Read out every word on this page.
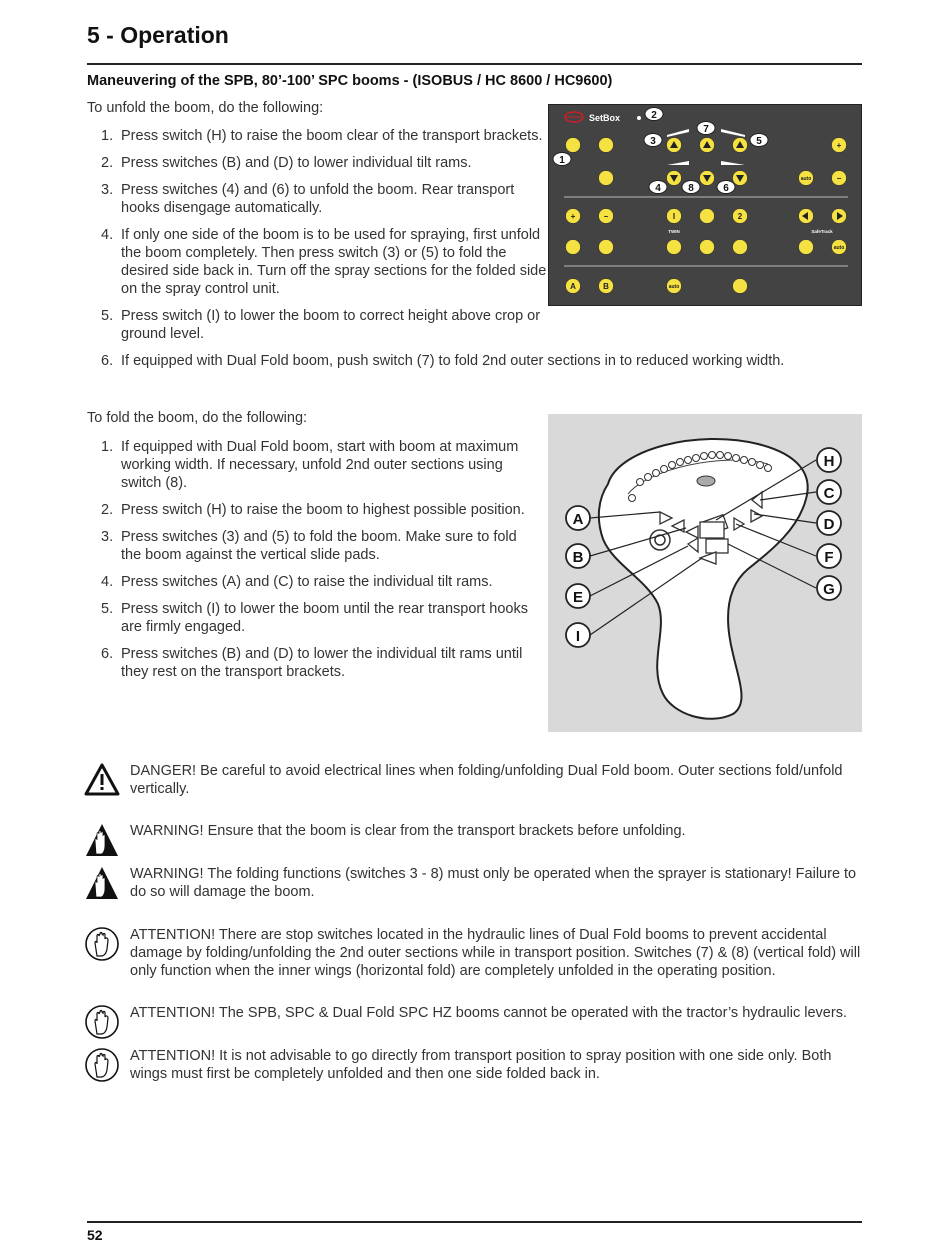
5 - Operation
Maneuvering of the SPB, 80’-100’ SPC booms - (ISOBUS / HC 8600 / HC9600)
To unfold the boom, do the following:
1. Press switch (H) to raise the boom clear of the transport brackets.
2. Press switches (B) and (D) to lower individual tilt rams.
3. Press switches (4) and (6) to unfold the boom. Rear transport hooks disengage automatically.
4. If only one side of the boom is to be used for spraying, first unfold the boom completely. Then press switch (3) or (5) to fold the desired side back in. Turn off the spray sections for the folded side on the spray control unit.
5. Press switch (I) to lower the boom to correct height above crop or ground level.
6. If equipped with Dual Fold boom, push switch (7) to fold 2nd outer sections in to reduced working width.
SetBox
+
−
+	−	I	2
A	B
auto
auto
auto
TWIN	SafeTrack
1
2
3
4
5
6
7
8
To fold the boom, do the following:
1. If equipped with Dual Fold boom, start with boom at maximum working width. If necessary, unfold 2nd outer sections using switch (8).
2. Press switch (H) to raise the boom to highest possible position.
3. Press switches (3) and (5) to fold the boom. Make sure to fold the boom against the vertical slide pads.
4. Press switches (A) and (C) to raise the individual tilt rams.
5. Press switch (I) to lower the boom until the rear transport hooks are firmly engaged.
6. Press switches (B) and (D) to lower the individual tilt rams until they rest on the transport brackets.
A
B
E
I
H
C
D
F
G
DANGER! Be careful to avoid electrical lines when folding/unfolding Dual Fold boom. Outer sections fold/unfold vertically.
WARNING! Ensure that the boom is clear from the transport brackets before unfolding.
WARNING! The folding functions (switches 3 - 8) must only be operated when the sprayer is stationary! Failure to do so will damage the boom.
ATTENTION! There are stop switches located in the hydraulic lines of Dual Fold booms to prevent accidental damage by folding/unfolding the 2nd outer sections while in transport position. Switches (7) & (8) (vertical fold) will only function when the inner wings (horizontal fold) are completely unfolded in the operating position.
ATTENTION! The SPB, SPC & Dual Fold SPC HZ booms cannot be operated with the tractor’s hydraulic levers.
ATTENTION! It is not advisable to go directly from transport position to spray position with one side only. Both wings must first be completely unfolded and then one side folded back in.
52
